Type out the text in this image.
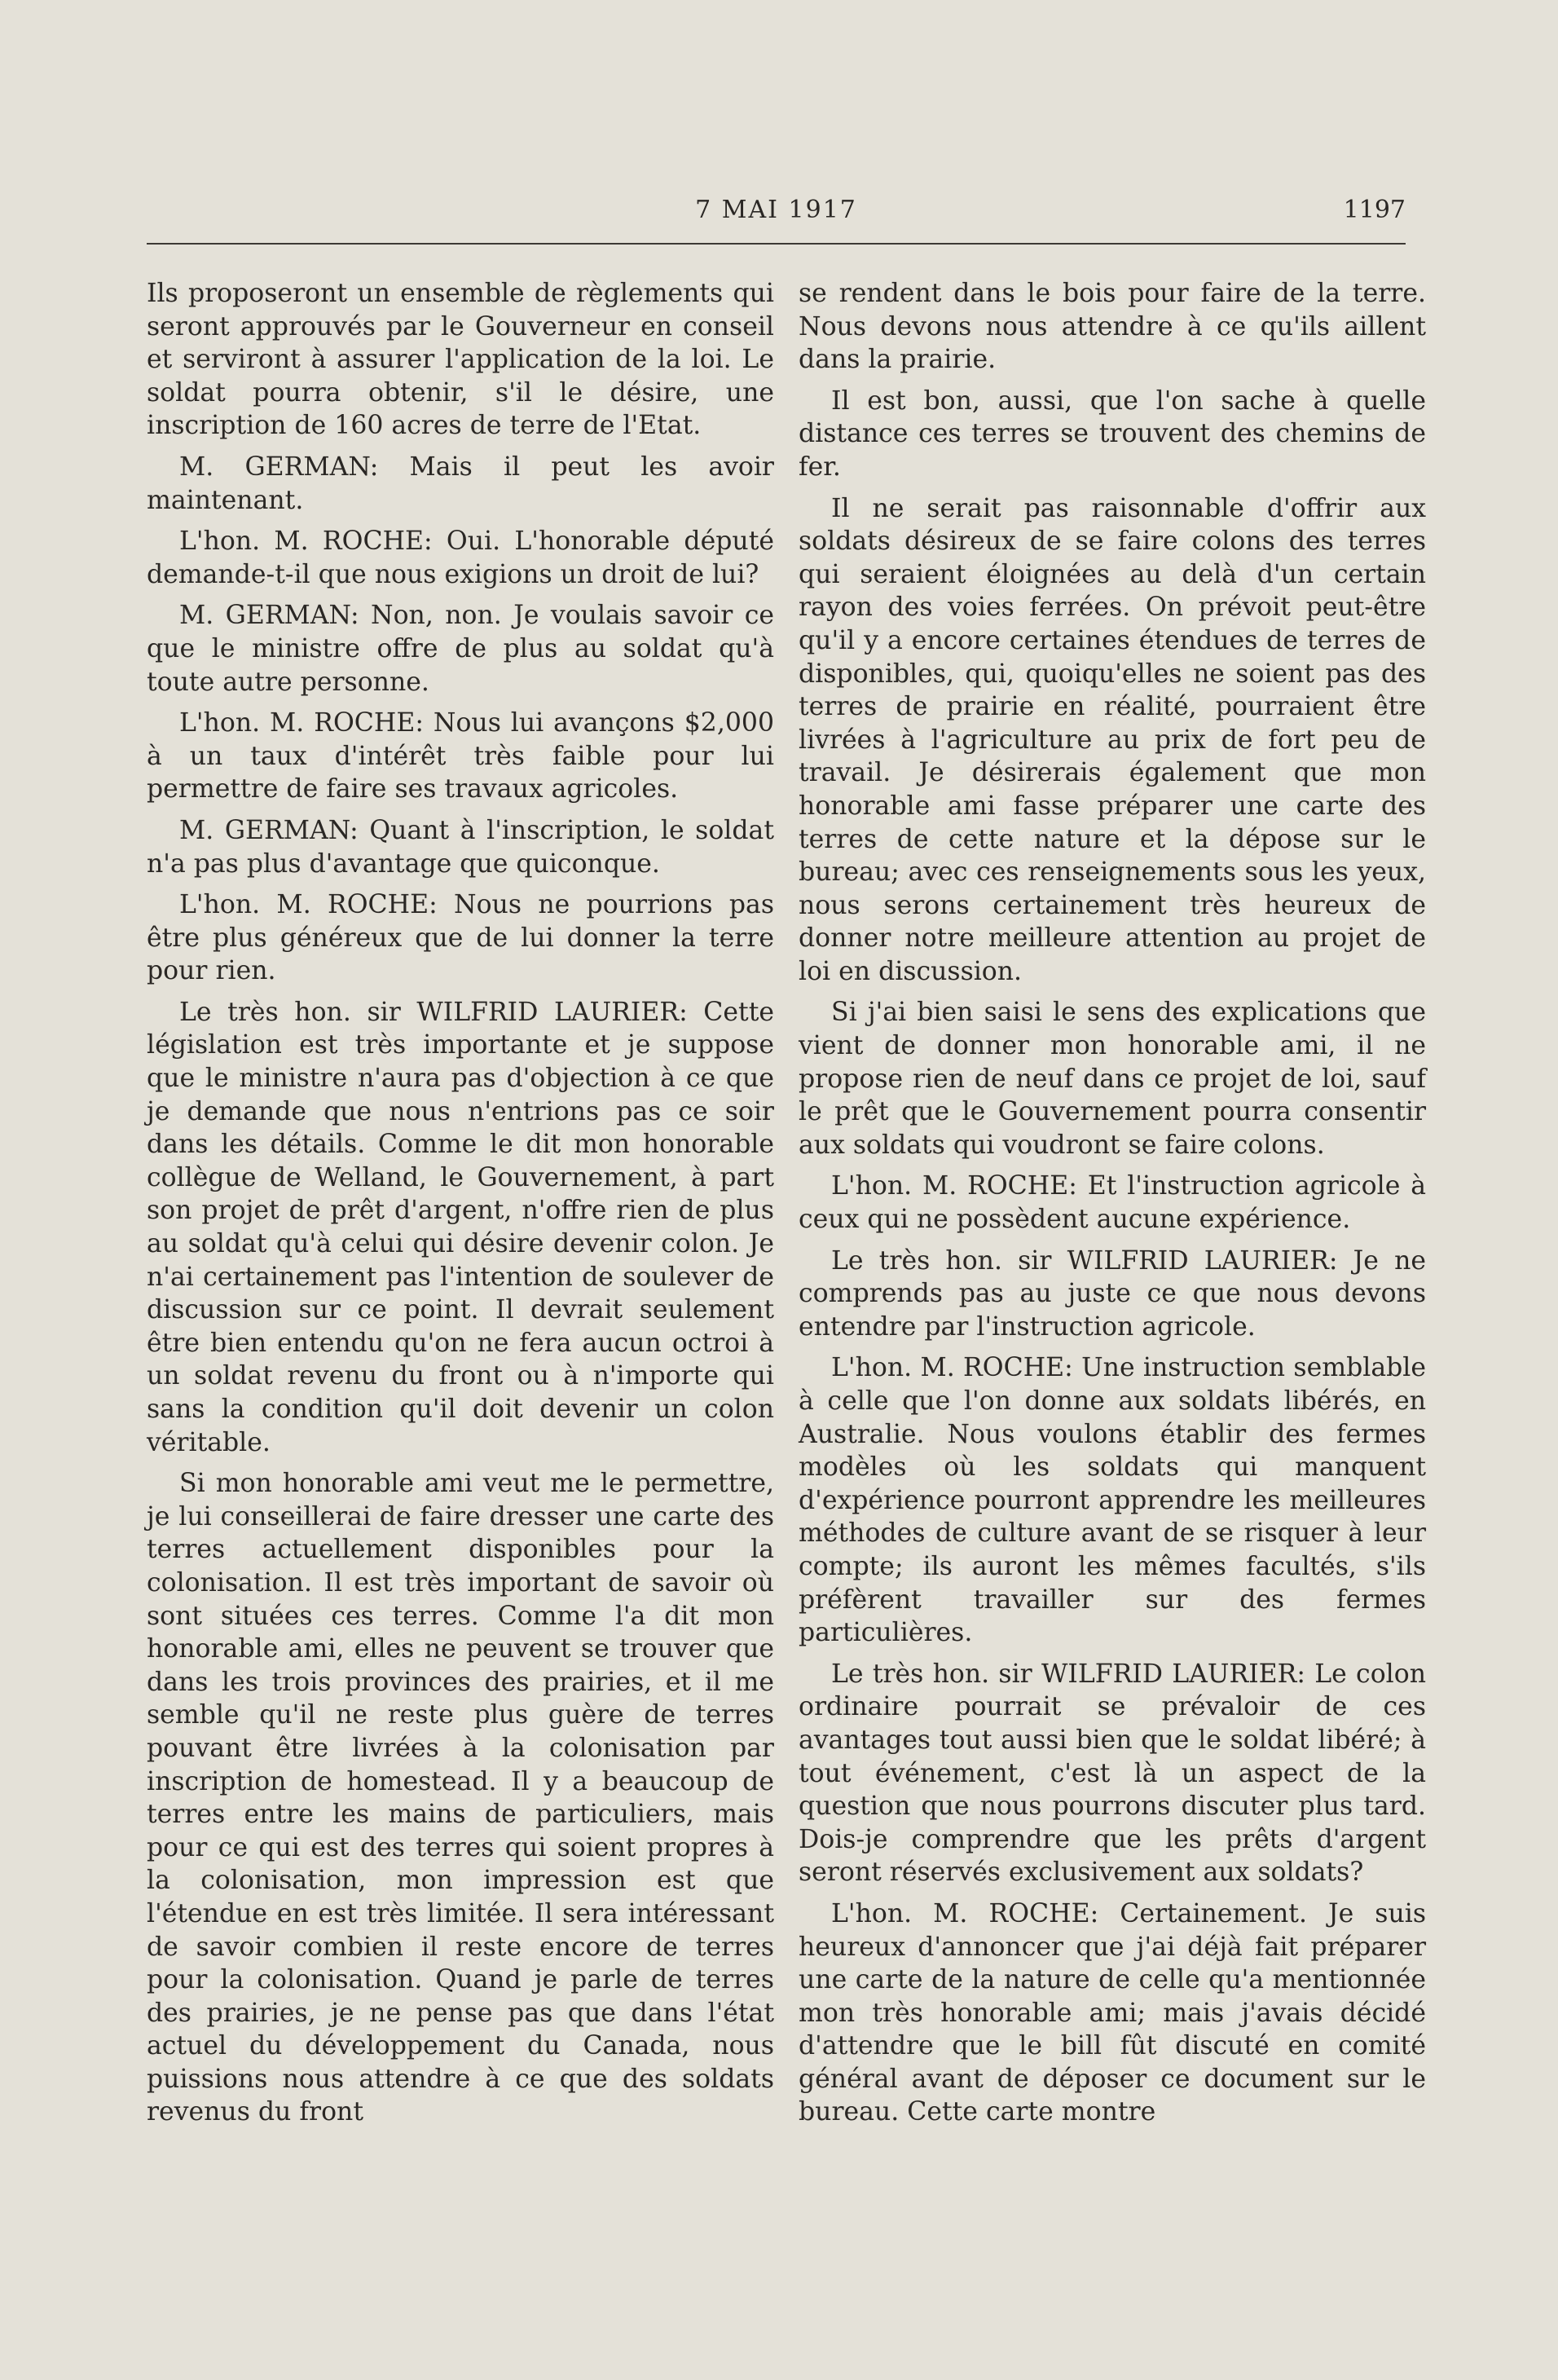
7 MAI 1917	1197

Ils proposeront un ensemble de règlements qui seront approuvés par le Gouverneur en conseil et serviront à assurer l'application de la loi. Le soldat pourra obtenir, s'il le désire, une inscription de 160 acres de terre de l'Etat.

M. GERMAN: Mais il peut les avoir maintenant.

L'hon. M. ROCHE: Oui. L'honorable député demande-t-il que nous exigions un droit de lui?

M. GERMAN: Non, non. Je voulais savoir ce que le ministre offre de plus au soldat qu'à toute autre personne.

L'hon. M. ROCHE: Nous lui avançons $2,000 à un taux d'intérêt très faible pour lui permettre de faire ses travaux agricoles.

M. GERMAN: Quant à l'inscription, le soldat n'a pas plus d'avantage que quiconque.

L'hon. M. ROCHE: Nous ne pourrions pas être plus généreux que de lui donner la terre pour rien.

Le très hon. sir WILFRID LAURIER: Cette législation est très importante et je suppose que le ministre n'aura pas d'objection à ce que je demande que nous n'entrions pas ce soir dans les détails. Comme le dit mon honorable collègue de Welland, le Gouvernement, à part son projet de prêt d'argent, n'offre rien de plus au soldat qu'à celui qui désire devenir colon. Je n'ai certainement pas l'intention de soulever de discussion sur ce point. Il devrait seulement être bien entendu qu'on ne fera aucun octroi à un soldat revenu du front ou à n'importe qui sans la condition qu'il doit devenir un colon véritable.

Si mon honorable ami veut me le permettre, je lui conseillerai de faire dresser une carte des terres actuellement disponibles pour la colonisation. Il est très important de savoir où sont situées ces terres. Comme l'a dit mon honorable ami, elles ne peuvent se trouver que dans les trois provinces des prairies, et il me semble qu'il ne reste plus guère de terres pouvant être livrées à la colonisation par inscription de homestead. Il y a beaucoup de terres entre les mains de particuliers, mais pour ce qui est des terres qui soient propres à la colonisation, mon impression est que l'étendue en est très limitée. Il sera intéressant de savoir combien il reste encore de terres pour la colonisation. Quand je parle de terres des prairies, je ne pense pas que dans l'état actuel du développement du Canada, nous puissions nous attendre à ce que des soldats revenus du front

se rendent dans le bois pour faire de la terre. Nous devons nous attendre à ce qu'ils aillent dans la prairie.

Il est bon, aussi, que l'on sache à quelle distance ces terres se trouvent des chemins de fer.

Il ne serait pas raisonnable d'offrir aux soldats désireux de se faire colons des terres qui seraient éloignées au delà d'un certain rayon des voies ferrées. On prévoit peut-être qu'il y a encore certaines étendues de terres de disponibles, qui, quoiqu'elles ne soient pas des terres de prairie en réalité, pourraient être livrées à l'agriculture au prix de fort peu de travail. Je désirerais également que mon honorable ami fasse préparer une carte des terres de cette nature et la dépose sur le bureau; avec ces renseignements sous les yeux, nous serons certainement très heureux de donner notre meilleure attention au projet de loi en discussion.

Si j'ai bien saisi le sens des explications que vient de donner mon honorable ami, il ne propose rien de neuf dans ce projet de loi, sauf le prêt que le Gouvernement pourra consentir aux soldats qui voudront se faire colons.

L'hon. M. ROCHE: Et l'instruction agricole à ceux qui ne possèdent aucune expérience.

Le très hon. sir WILFRID LAURIER: Je ne comprends pas au juste ce que nous devons entendre par l'instruction agricole.

L'hon. M. ROCHE: Une instruction semblable à celle que l'on donne aux soldats libérés, en Australie. Nous voulons établir des fermes modèles où les soldats qui manquent d'expérience pourront apprendre les meilleures méthodes de culture avant de se risquer à leur compte; ils auront les mêmes facultés, s'ils préfèrent travailler sur des fermes particulières.

Le très hon. sir WILFRID LAURIER: Le colon ordinaire pourrait se prévaloir de ces avantages tout aussi bien que le soldat libéré; à tout événement, c'est là un aspect de la question que nous pourrons discuter plus tard. Dois-je comprendre que les prêts d'argent seront réservés exclusivement aux soldats?

L'hon. M. ROCHE: Certainement. Je suis heureux d'annoncer que j'ai déjà fait préparer une carte de la nature de celle qu'a mentionnée mon très honorable ami; mais j'avais décidé d'attendre que le bill fût discuté en comité général avant de déposer ce document sur le bureau. Cette carte montre
